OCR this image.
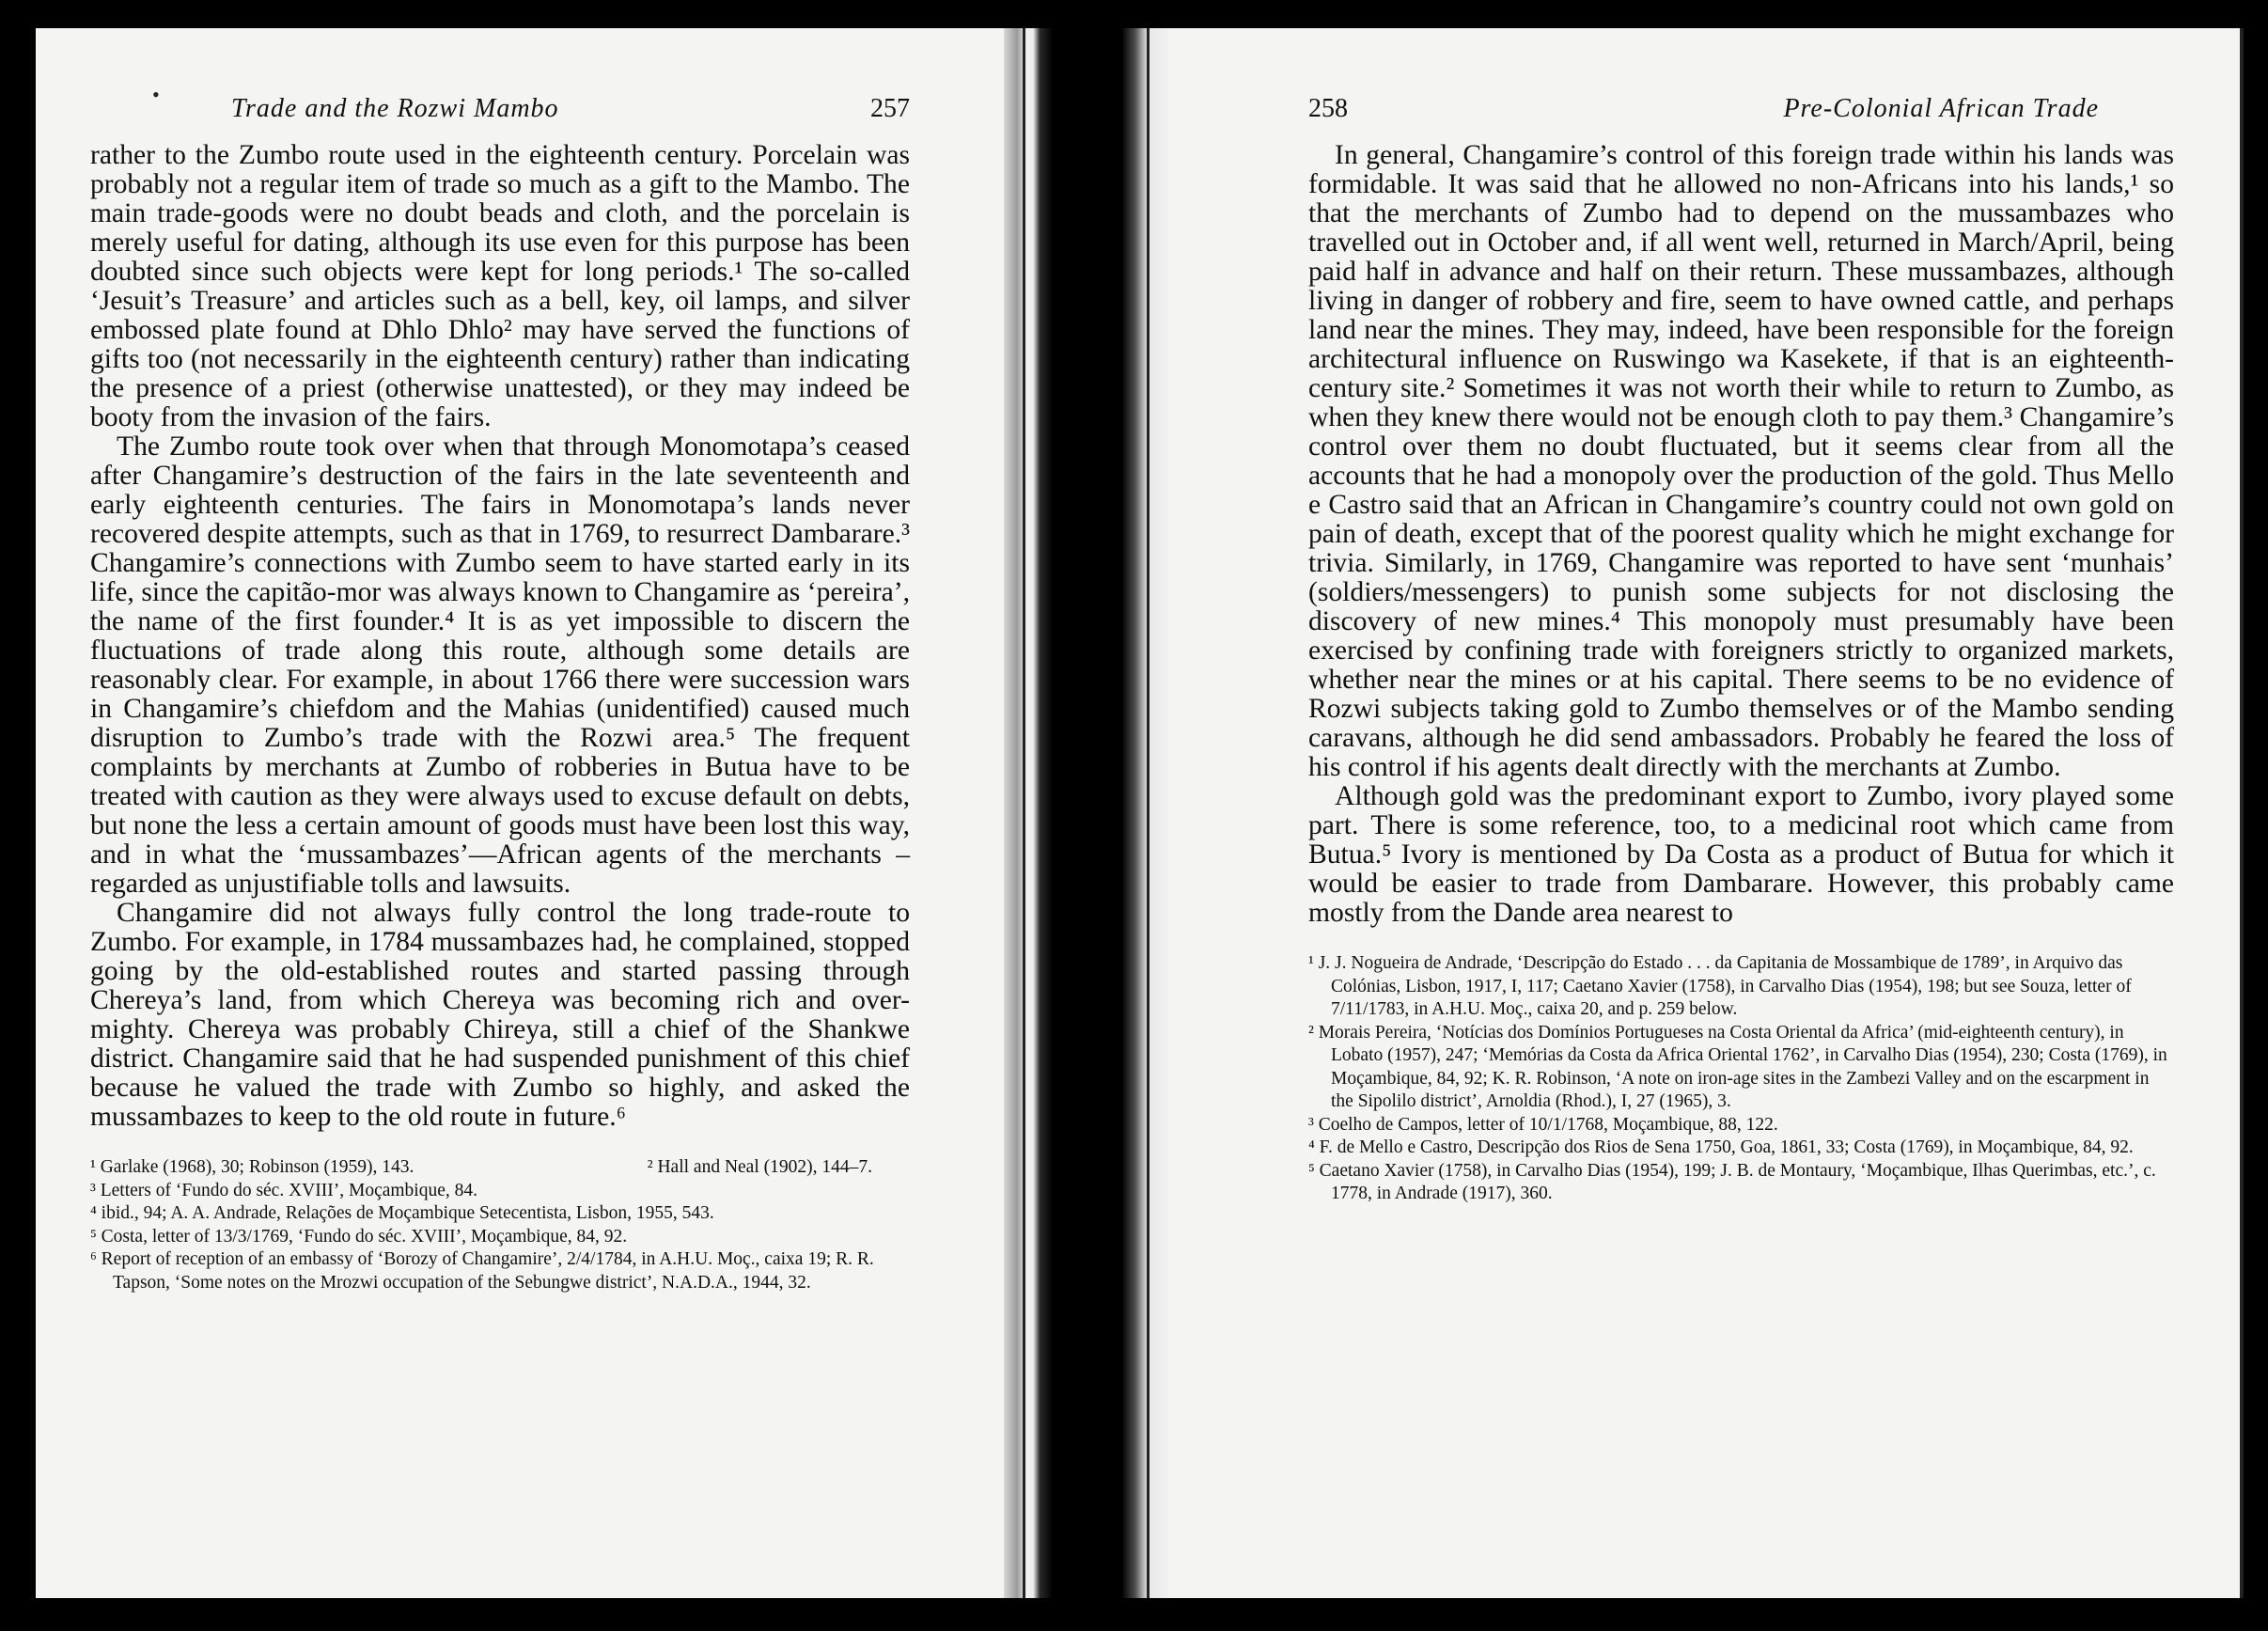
•	Trade and the Rozwi Mambo	257

rather to the Zumbo route used in the eighteenth century. Porcelain was probably not a regular item of trade so much as a gift to the Mambo. The main trade-goods were no doubt beads and cloth, and the porcelain is merely useful for dating, although its use even for this purpose has been doubted since such objects were kept for long periods.¹ The so-called ‘Jesuit’s Treasure’ and articles such as a bell, key, oil lamps, and silver embossed plate found at Dhlo Dhlo² may have served the functions of gifts too (not necessarily in the eighteenth century) rather than indicating the presence of a priest (otherwise unattested), or they may indeed be booty from the invasion of the fairs.

The Zumbo route took over when that through Monomotapa’s ceased after Changamire’s destruction of the fairs in the late seventeenth and early eighteenth centuries. The fairs in Monomotapa’s lands never recovered despite attempts, such as that in 1769, to resurrect Dambarare.³ Changamire’s connections with Zumbo seem to have started early in its life, since the capitão-mor was always known to Changamire as ‘pereira’, the name of the first founder.⁴ It is as yet impossible to discern the fluctuations of trade along this route, although some details are reasonably clear. For example, in about 1766 there were succession wars in Changamire’s chiefdom and the Mahias (unidentified) caused much disruption to Zumbo’s trade with the Rozwi area.⁵ The frequent complaints by merchants at Zumbo of robberies in Butua have to be treated with caution as they were always used to excuse default on debts, but none the less a certain amount of goods must have been lost this way, and in what the ‘mussambazes’—African agents of the merchants – regarded as unjustifiable tolls and lawsuits.

Changamire did not always fully control the long trade-route to Zumbo. For example, in 1784 mussambazes had, he complained, stopped going by the old-established routes and started passing through Chereya’s land, from which Chereya was becoming rich and over-mighty. Chereya was probably Chireya, still a chief of the Shankwe district. Changamire said that he had suspended punishment of this chief because he valued the trade with Zumbo so highly, and asked the mussambazes to keep to the old route in future.⁶

¹ Garlake (1968), 30; Robinson (1959), 143.	² Hall and Neal (1902), 144–7.
³ Letters of ‘Fundo do séc. XVIII’, Moçambique, 84.
⁴ ibid., 94; A. A. Andrade, Relações de Moçambique Setecentista, Lisbon, 1955, 543.
⁵ Costa, letter of 13/3/1769, ‘Fundo do séc. XVIII’, Moçambique, 84, 92.
⁶ Report of reception of an embassy of ‘Borozy of Changamire’, 2/4/1784, in A.H.U. Moç., caixa 19; R. R. Tapson, ‘Some notes on the Mrozwi occupation of the Sebungwe district’, N.A.D.A., 1944, 32.
258	Pre-Colonial African Trade

In general, Changamire’s control of this foreign trade within his lands was formidable. It was said that he allowed no non-Africans into his lands,¹ so that the merchants of Zumbo had to depend on the mussambazes who travelled out in October and, if all went well, returned in March/April, being paid half in advance and half on their return. These mussambazes, although living in danger of robbery and fire, seem to have owned cattle, and perhaps land near the mines. They may, indeed, have been responsible for the foreign architectural influence on Ruswingo wa Kasekete, if that is an eighteenth-century site.² Sometimes it was not worth their while to return to Zumbo, as when they knew there would not be enough cloth to pay them.³ Changamire’s control over them no doubt fluctuated, but it seems clear from all the accounts that he had a monopoly over the production of the gold. Thus Mello e Castro said that an African in Changamire’s country could not own gold on pain of death, except that of the poorest quality which he might exchange for trivia. Similarly, in 1769, Changamire was reported to have sent ‘munhais’ (soldiers/messengers) to punish some subjects for not disclosing the discovery of new mines.⁴ This monopoly must presumably have been exercised by confining trade with foreigners strictly to organized markets, whether near the mines or at his capital. There seems to be no evidence of Rozwi subjects taking gold to Zumbo themselves or of the Mambo sending caravans, although he did send ambassadors. Probably he feared the loss of his control if his agents dealt directly with the merchants at Zumbo.

Although gold was the predominant export to Zumbo, ivory played some part. There is some reference, too, to a medicinal root which came from Butua.⁵ Ivory is mentioned by Da Costa as a product of Butua for which it would be easier to trade from Dambarare. However, this probably came mostly from the Dande area nearest to

¹ J. J. Nogueira de Andrade, ‘Descripção do Estado . . . da Capitania de Mossambique de 1789’, in Arquivo das Colónias, Lisbon, 1917, I, 117; Caetano Xavier (1758), in Carvalho Dias (1954), 198; but see Souza, letter of 7/11/1783, in A.H.U. Moç., caixa 20, and p. 259 below.
² Morais Pereira, ‘Notícias dos Domínios Portugueses na Costa Oriental da Africa’ (mid-eighteenth century), in Lobato (1957), 247; ‘Memórias da Costa da Africa Oriental 1762’, in Carvalho Dias (1954), 230; Costa (1769), in Moçambique, 84, 92; K. R. Robinson, ‘A note on iron-age sites in the Zambezi Valley and on the escarpment in the Sipolilo district’, Arnoldia (Rhod.), I, 27 (1965), 3.
³ Coelho de Campos, letter of 10/1/1768, Moçambique, 88, 122.
⁴ F. de Mello e Castro, Descripção dos Rios de Sena 1750, Goa, 1861, 33; Costa (1769), in Moçambique, 84, 92.
⁵ Caetano Xavier (1758), in Carvalho Dias (1954), 199; J. B. de Montaury, ‘Moçambique, Ilhas Querimbas, etc.’, c. 1778, in Andrade (1917), 360.
